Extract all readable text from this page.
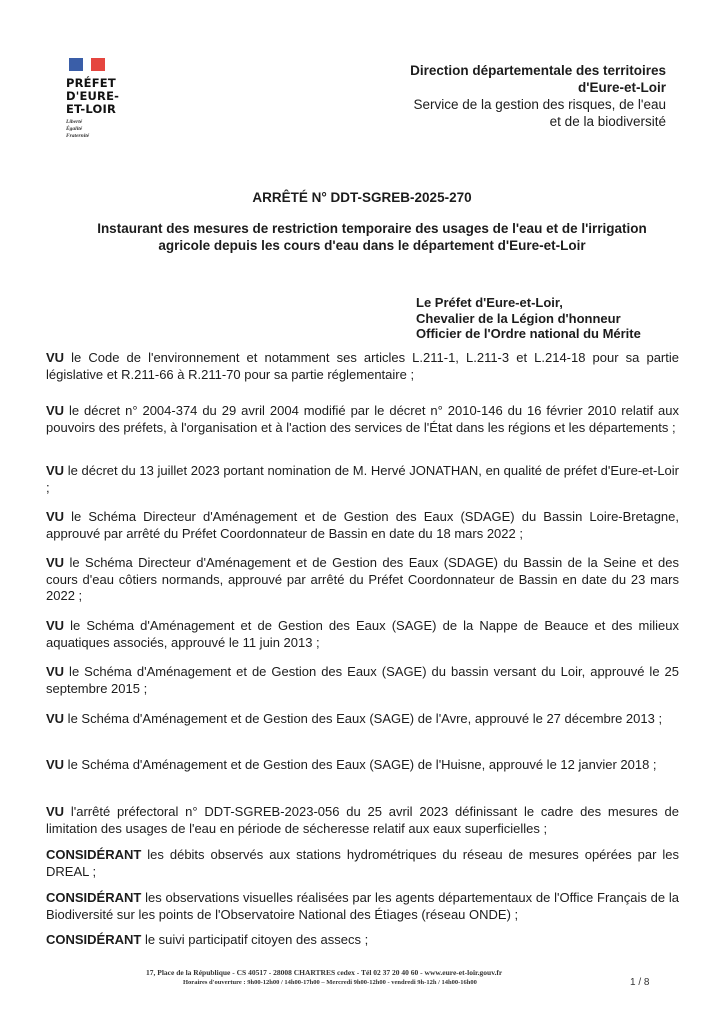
PRÉFET
D'EURE-
ET-LOIR
Liberté
Égalité
Fraternité
Direction départementale des territoires
d'Eure-et-Loir
Service de la gestion des risques, de l'eau
et de la biodiversité
ARRÊTÉ N° DDT-SGREB-2025-270
Instaurant des mesures de restriction temporaire des usages de l'eau et de l'irrigation
agricole depuis les cours d'eau dans le département d'Eure-et-Loir
Le Préfet d'Eure-et-Loir,
Chevalier de la Légion d'honneur
Officier de l'Ordre national du Mérite
VU le Code de l'environnement et notamment ses articles L.211-1, L.211-3 et L.214-18 pour sa partie législative et R.211-66 à R.211-70 pour sa partie réglementaire ;
VU le décret n° 2004-374 du 29 avril 2004 modifié par le décret n° 2010-146 du 16 février 2010 relatif aux pouvoirs des préfets, à l'organisation et à l'action des services de l'État dans les régions et les départements ;
VU le décret du 13 juillet 2023 portant nomination de M. Hervé JONATHAN, en qualité de préfet d'Eure-et-Loir ;
VU le Schéma Directeur d'Aménagement et de Gestion des Eaux (SDAGE) du Bassin Loire-Bretagne, approuvé par arrêté du Préfet Coordonnateur de Bassin en date du 18 mars 2022 ;
VU le Schéma Directeur d'Aménagement et de Gestion des Eaux (SDAGE) du Bassin de la Seine et des cours d'eau côtiers normands, approuvé par arrêté du Préfet Coordonnateur de Bassin en date du 23 mars 2022 ;
VU le Schéma d'Aménagement et de Gestion des Eaux (SAGE) de la Nappe de Beauce et des milieux aquatiques associés, approuvé le 11 juin 2013 ;
VU le Schéma d'Aménagement et de Gestion des Eaux (SAGE) du bassin versant du Loir, approuvé le 25 septembre 2015 ;
VU le Schéma d'Aménagement et de Gestion des Eaux (SAGE) de l'Avre, approuvé le 27 décembre 2013 ;
VU le Schéma d'Aménagement et de Gestion des Eaux (SAGE) de l'Huisne, approuvé le 12 janvier 2018 ;
VU l'arrêté préfectoral n° DDT-SGREB-2023-056 du 25 avril 2023 définissant le cadre des mesures de limitation des usages de l'eau en période de sécheresse relatif aux eaux superficielles ;
CONSIDÉRANT les débits observés aux stations hydrométriques du réseau de mesures opérées par les DREAL ;
CONSIDÉRANT les observations visuelles réalisées par les agents départementaux de l'Office Français de la Biodiversité sur les points de l'Observatoire National des Étiages (réseau ONDE) ;
CONSIDÉRANT le suivi participatif citoyen des assecs ;
17, Place de la République - CS 40517 - 28008 CHARTRES cedex - Tél 02 37 20 40 60 - www.eure-et-loir.gouv.fr
Horaires d'ouverture : 9h00-12h00 / 14h00-17h00 – Mercredi 9h00-12h00 - vendredi 9h-12h / 14h00-16h00	1 / 8
